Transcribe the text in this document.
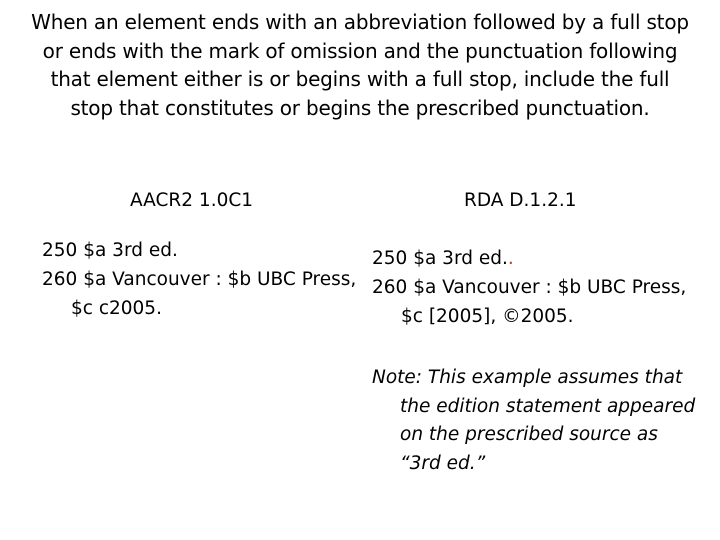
When an element ends with an abbreviation followed by a full stop or ends with the mark of omission and the punctuation following that element either is or begins with a full stop, include the full stop that constitutes or begins the prescribed punctuation.
AACR2 1.0C1
250 $a 3rd ed.
260 $a Vancouver : $b UBC Press, $c c2005.
RDA D.1.2.1
250 $a 3rd ed..
260 $a Vancouver : $b UBC Press, $c [2005], ©2005.
Note: This example assumes that the edition statement appeared on the prescribed source as “3rd ed.”
